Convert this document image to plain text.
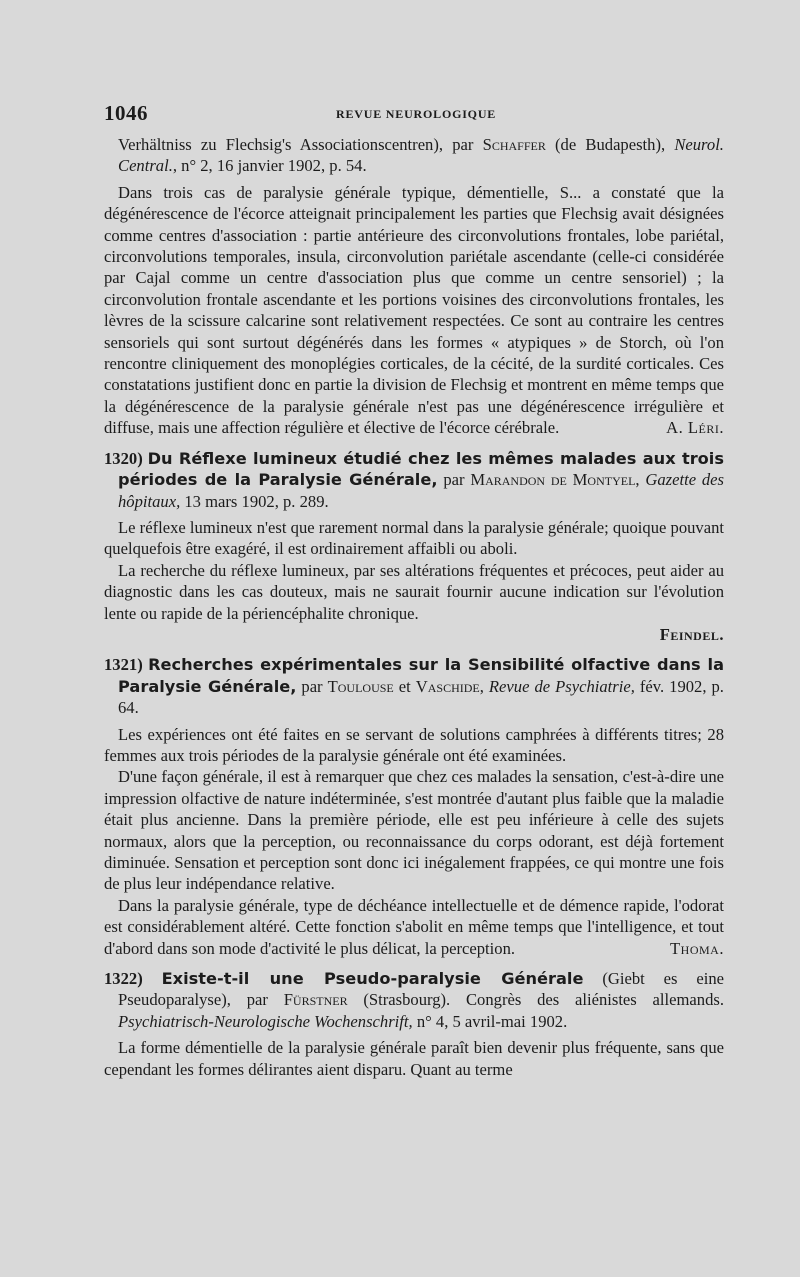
1046	REVUE NEUROLOGIQUE

Verhältniss zu Flechsig's Associationscentren), par Schaffer (de Budapesth), Neurol. Central., n° 2, 16 janvier 1902, p. 54.

Dans trois cas de paralysie générale typique, démentielle, S... a constaté que la dégénérescence de l'écorce atteignait principalement les parties que Flechsig avait désignées comme centres d'association : partie antérieure des circonvolutions frontales, lobe pariétal, circonvolutions temporales, insula, circonvolution pariétale ascendante (celle-ci considérée par Cajal comme un centre d'association plus que comme un centre sensoriel) ; la circonvolution frontale ascendante et les portions voisines des circonvolutions frontales, les lèvres de la scissure calcarine sont relativement respectées. Ce sont au contraire les centres sensoriels qui sont surtout dégénérés dans les formes « atypiques » de Storch, où l'on rencontre cliniquement des monoplégies corticales, de la cécité, de la surdité corticales. Ces constatations justifient donc en partie la division de Flechsig et montrent en même temps que la dégénérescence de la paralysie générale n'est pas une dégénérescence irrégulière et diffuse, mais une affection régulière et élective de l'écorce cérébrale.	A. Léri.

1320) Du Réflexe lumineux étudié chez les mêmes malades aux trois périodes de la Paralysie Générale, par Marandon de Montyel, Gazette des hôpitaux, 13 mars 1902, p. 289.

Le réflexe lumineux n'est que rarement normal dans la paralysie générale; quoique pouvant quelquefois être exagéré, il est ordinairement affaibli ou aboli.

La recherche du réflexe lumineux, par ses altérations fréquentes et précoces, peut aider au diagnostic dans les cas douteux, mais ne saurait fournir aucune indication sur l'évolution lente ou rapide de la périencéphalite chronique.

Feindel.

1321) Recherches expérimentales sur la Sensibilité olfactive dans la Paralysie Générale, par Toulouse et Vaschide, Revue de Psychiatrie, fév. 1902, p. 64.

Les expériences ont été faites en se servant de solutions camphrées à différents titres; 28 femmes aux trois périodes de la paralysie générale ont été examinées.

D'une façon générale, il est à remarquer que chez ces malades la sensation, c'est-à-dire une impression olfactive de nature indéterminée, s'est montrée d'autant plus faible que la maladie était plus ancienne. Dans la première période, elle est peu inférieure à celle des sujets normaux, alors que la perception, ou reconnaissance du corps odorant, est déjà fortement diminuée. Sensation et perception sont donc ici inégalement frappées, ce qui montre une fois de plus leur indépendance relative.

Dans la paralysie générale, type de déchéance intellectuelle et de démence rapide, l'odorat est considérablement altéré. Cette fonction s'abolit en même temps que l'intelligence, et tout d'abord dans son mode d'activité le plus délicat, la perception.	Thoma.

1322) Existe-t-il une Pseudo-paralysie Générale (Giebt es eine Pseudoparalyse), par Fürstner (Strasbourg). Congrès des aliénistes allemands. Psychiatrisch-Neurologische Wochenschrift, n° 4, 5 avril-mai 1902.

La forme démentielle de la paralysie générale paraît bien devenir plus fréquente, sans que cependant les formes délirantes aient disparu. Quant au terme
